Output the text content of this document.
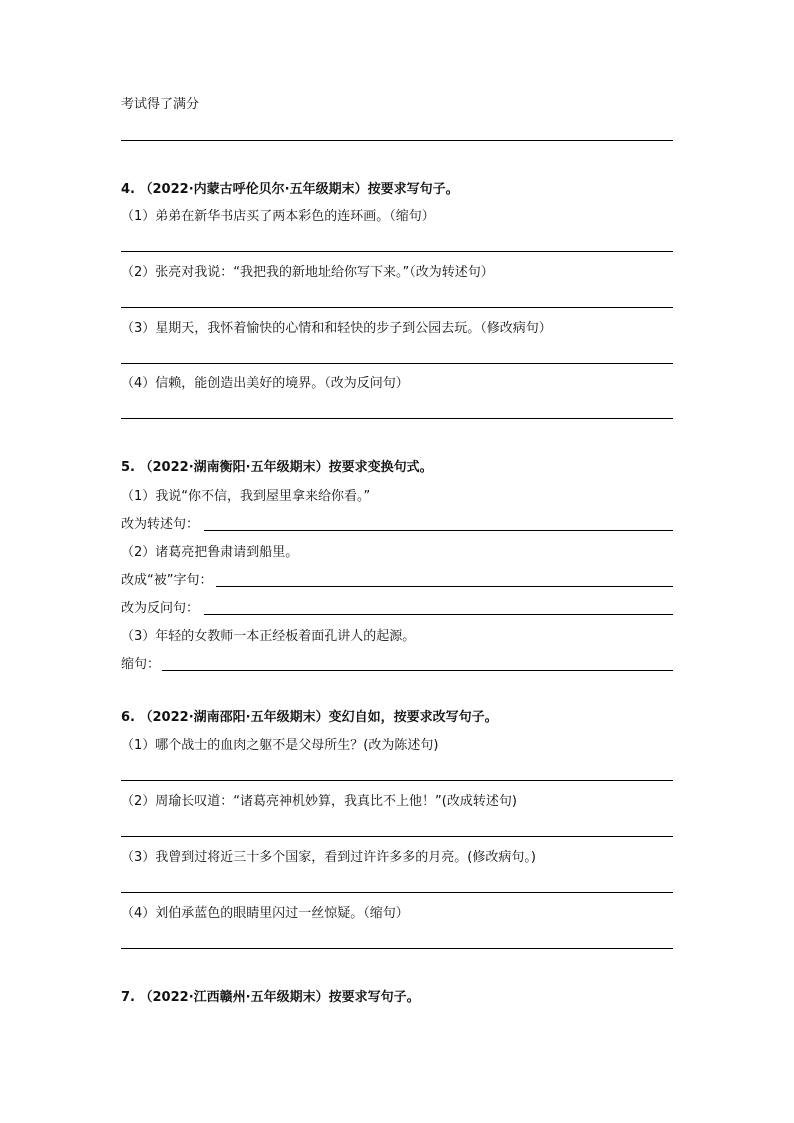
考试得了满分
4. （2022·内蒙古呼伦贝尔·五年级期末）按要求写句子。
（1）弟弟在新华书店买了两本彩色的连环画。（缩句）
（2）张亮对我说：“我把我的新地址给你写下来。”（改为转述句）
（3）星期天，我怀着愉快的心情和和轻快的步子到公园去玩。（修改病句）
（4）信赖，能创造出美好的境界。（改为反问句）
5. （2022·湖南衡阳·五年级期末）按要求变换句式。
（1）我说“你不信，我到屋里拿来给你看。”
改为转述句：
（2）诸葛亮把鲁肃请到船里。
改成“被”字句：
改为反问句：
（3）年轻的女教师一本正经板着面孔讲人的起源。
缩句：
6. （2022·湖南邵阳·五年级期末）变幻自如，按要求改写句子。
（1）哪个战士的血肉之躯不是父母所生？(改为陈述句)
（2）周瑜长叹道：“诸葛亮神机妙算，我真比不上他！”(改成转述句)
（3）我曾到过将近三十多个国家，看到过许许多多的月亮。(修改病句。)
（4）刘伯承蓝色的眼睛里闪过一丝惊疑。（缩句）
7. （2022·江西赣州·五年级期末）按要求写句子。
